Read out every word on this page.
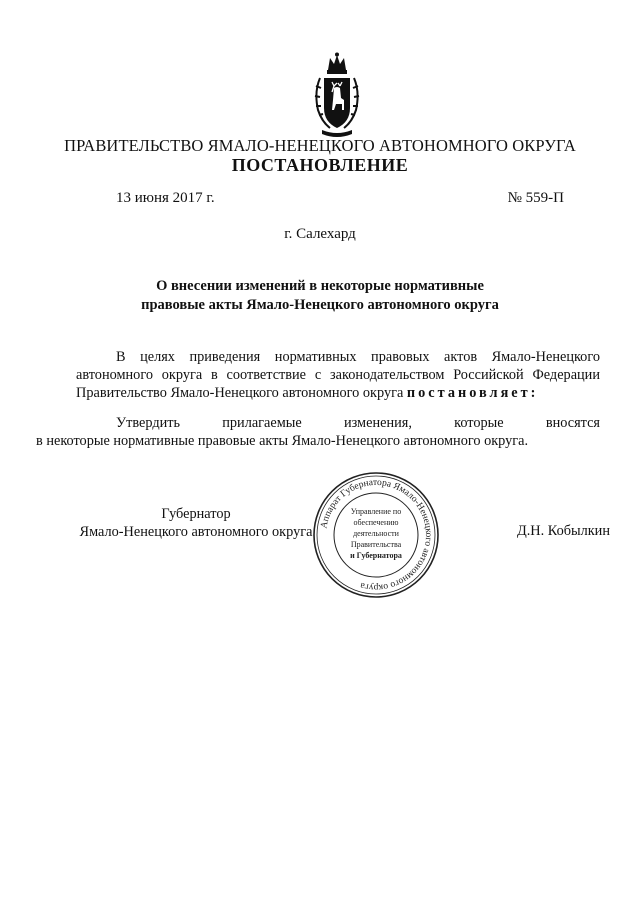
ПРАВИТЕЛЬСТВО ЯМАЛО-НЕНЕЦКОГО АВТОНОМНОГО ОКРУГА
ПОСТАНОВЛЕНИЕ
13 июня 2017 г.	№ 559-П
г. Салехард
О внесении изменений в некоторые нормативные
правовые акты Ямало-Ненецкого автономного округа
В целях приведения нормативных правовых актов Ямало-Ненецкого автономного округа в соответствие с законодательством Российской Федерации Правительство Ямало-Ненецкого автономного округа постановляет:
Утвердить прилагаемые изменения, которые вносятся
в некоторые нормативные правовые акты Ямало-Ненецкого автономного округа.
Губернатор
Ямало-Ненецкого автономного округа	Д.Н. Кобылкин
Аппарат Губернатора Ямало-Ненецкого автономного округа
Управление по
обеспечению
деятельности
Правительства
и Губернатора
